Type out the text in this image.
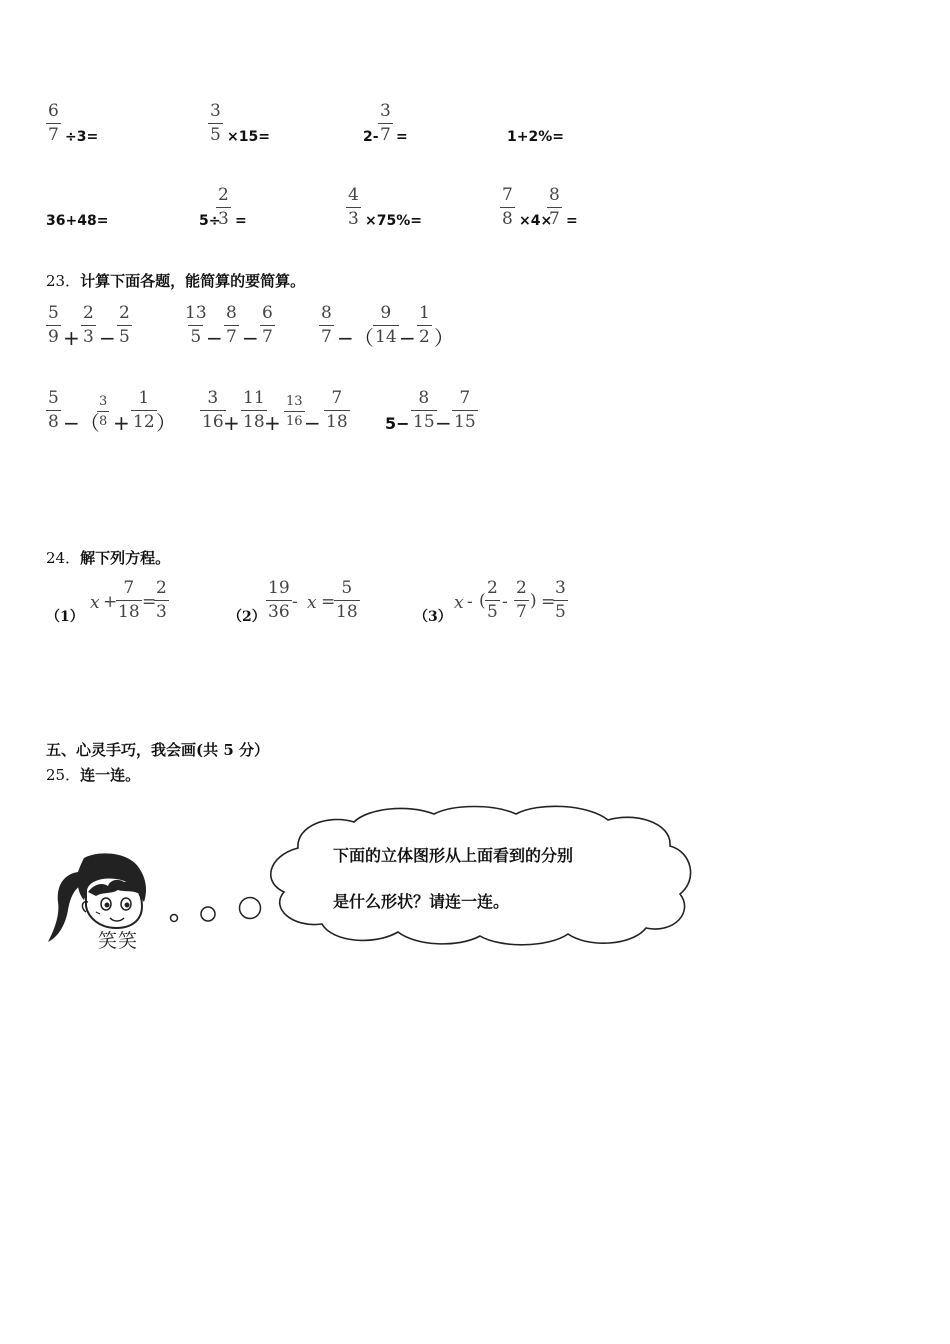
6
7 ÷3=
3
5 ×15=	2-
3
7 =	1+2%=
36+48=	5÷
2
3 =
4
3 ×75%=
7
8 ×4×
8
7 =
23．计算下面各题，能简算的要简算。
5
9 +
2
3 −
2
5
13
5 −
8
7 −
6
7
8
7 −（
9
14 −
1
2 ）
5
8 −（
3
8 +
1
12 ）
3
16 +
11
18 +
13
16 −
7
18 5−
8
15 −
7
15
24．解下列方程。
（1）
x +
7
18 =
2
3	（2）
19
36 - x =
5
18	（3）
x - (
2
5 -
2
7
) =
3
5
五、心灵手巧，我会画(共 5 分）
25．连一连。
笑笑
下面的立体图形从上面看到的分别
是什么形状？请连一连。
